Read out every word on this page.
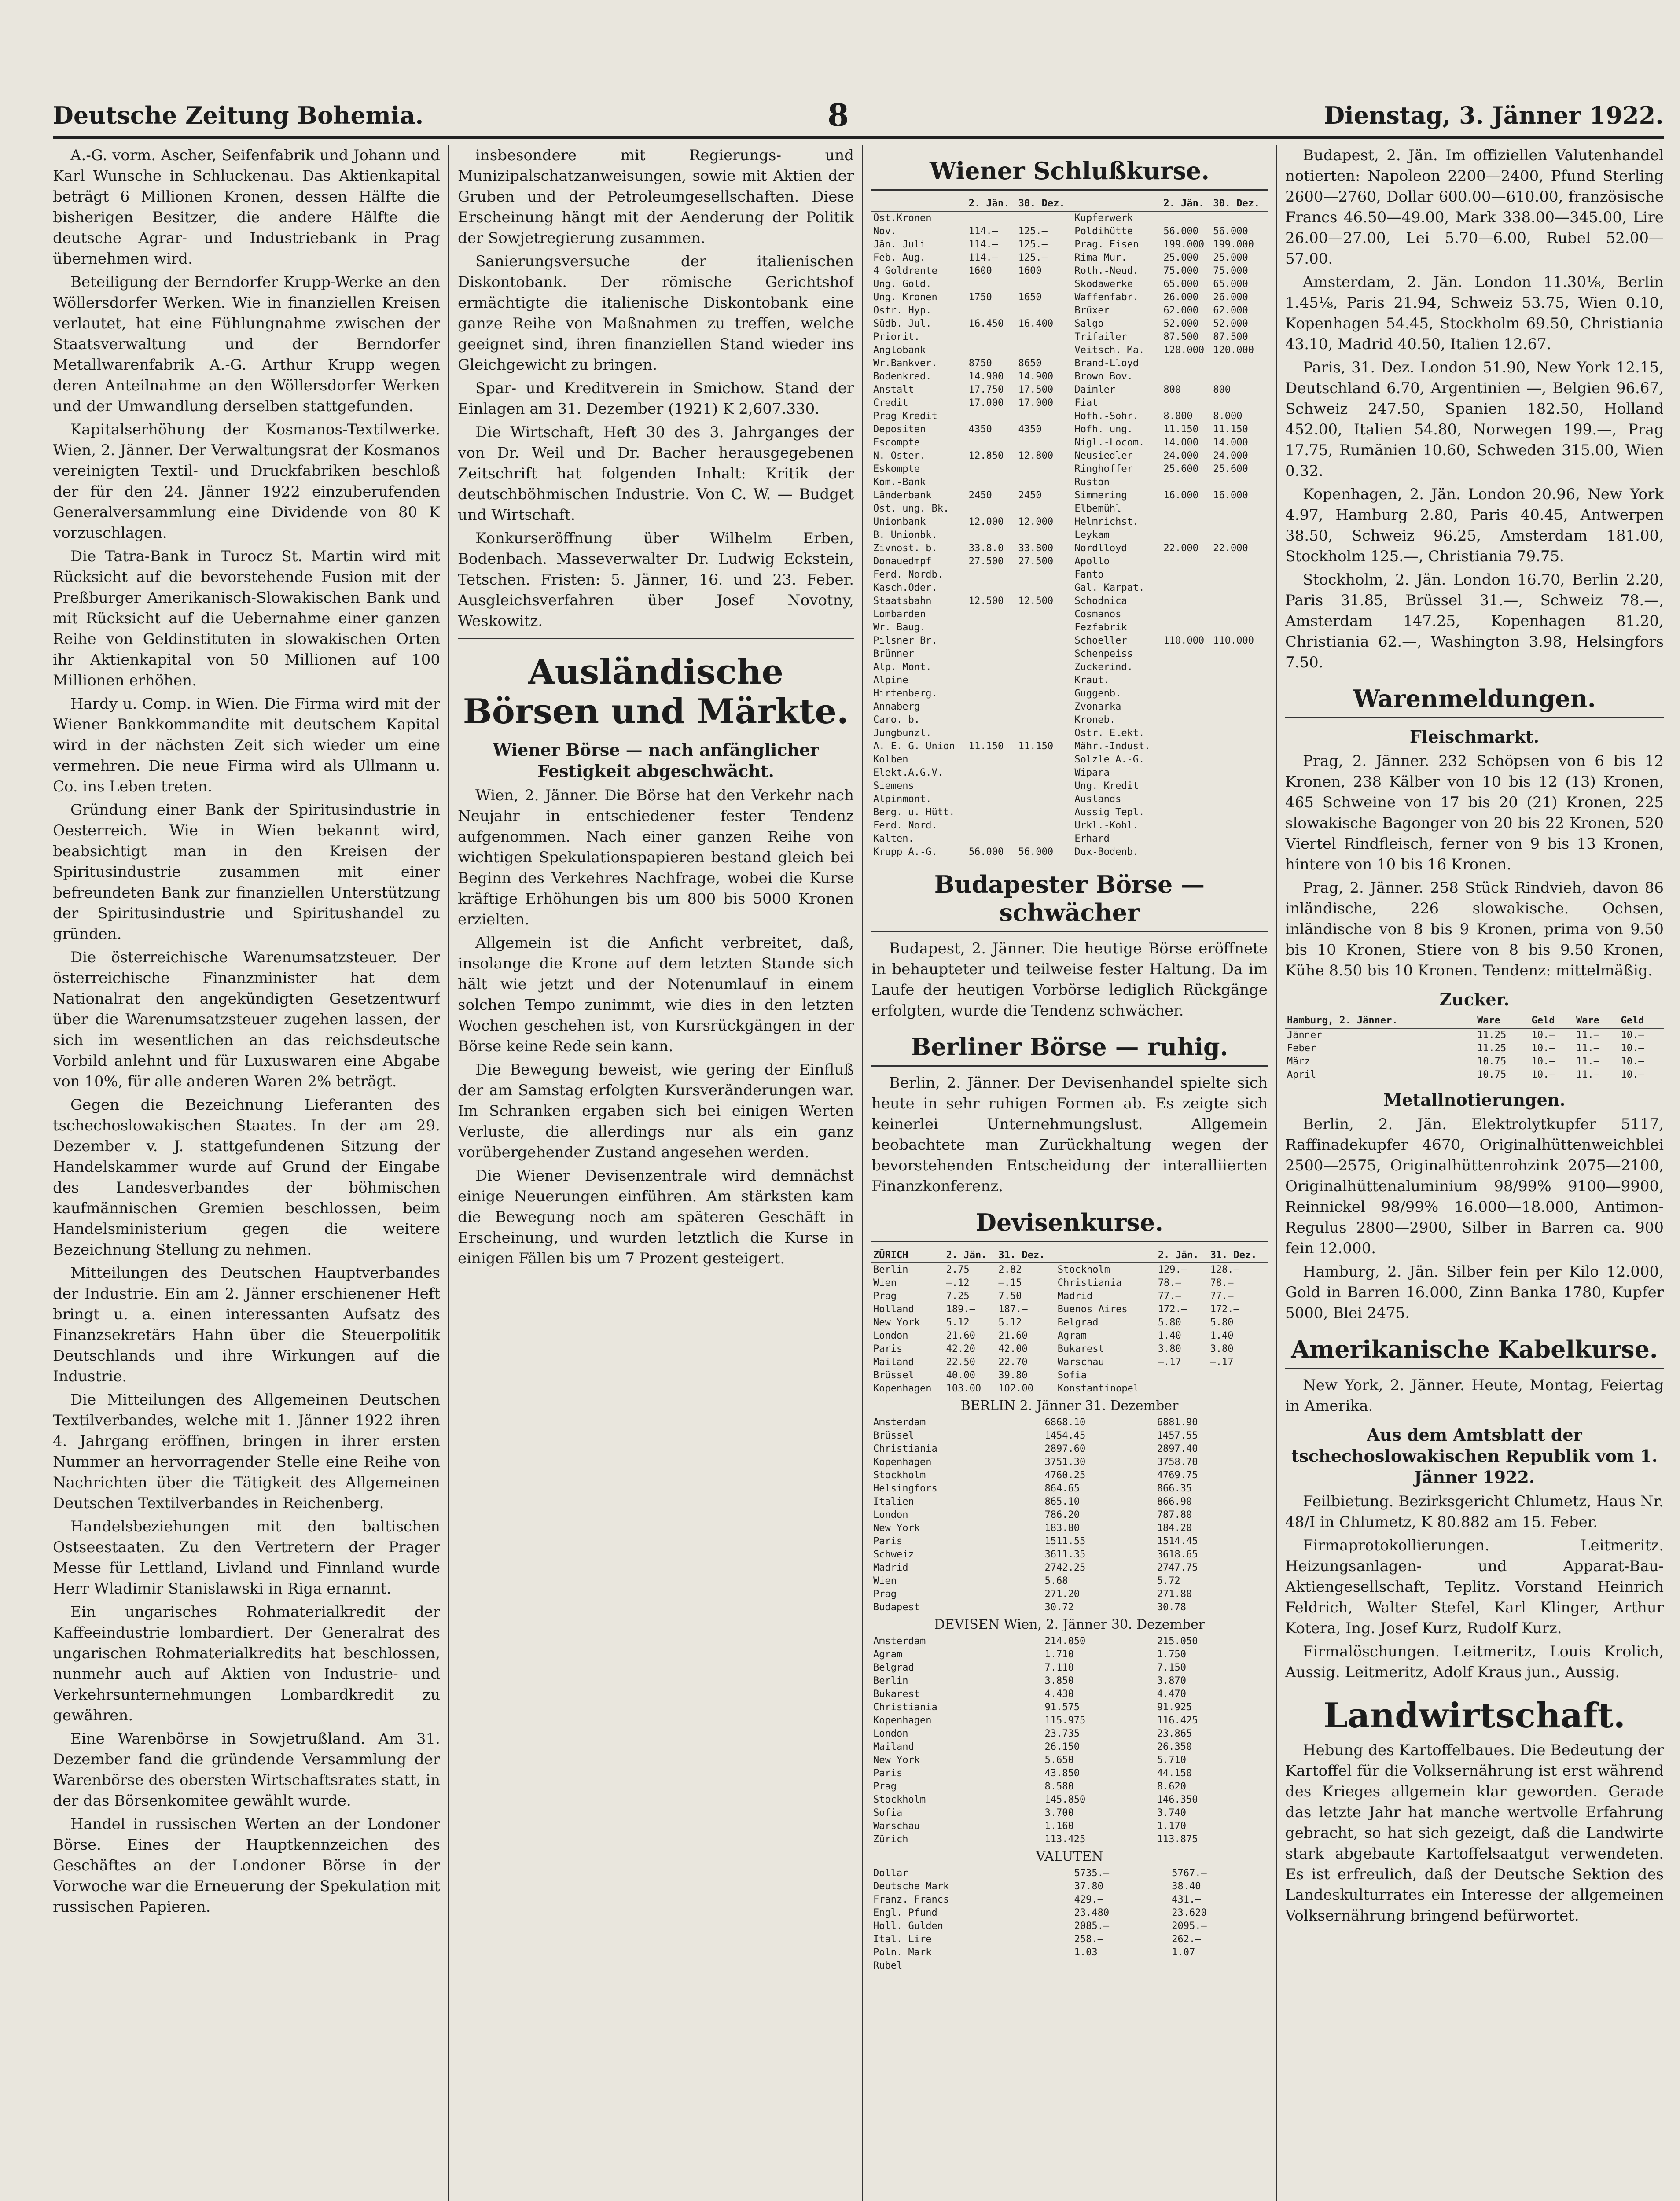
Deutsche Zeitung Bohemia.	8	Dienstag, 3. Jänner 1922.

A.-G. vorm. Ascher, Seifenfabrik und Johann und Karl Wunsche in Schluckenau. Das Aktienkapital beträgt 6 Millionen Kronen, dessen Hälfte die bisherigen Besitzer, die andere Hälfte die deutsche Agrar- und Industriebank in Prag übernehmen wird.

Beteiligung der Berndorfer Krupp-Werke an den Wöllersdorfer Werken. Wie in finanziellen Kreisen verlautet, hat eine Fühlungnahme zwischen der Staatsverwaltung und der Berndorfer Metallwarenfabrik A.-G. Arthur Krupp wegen deren Anteilnahme an den Wöllersdorfer Werken und der Umwandlung derselben stattgefunden.

Kapitalserhöhung der Kosmanos-Textilwerke. Wien, 2. Jänner. Der Verwaltungsrat der Kosmanos vereinigten Textil- und Druckfabriken beschloß der für den 24. Jänner 1922 einzuberufenden Generalversammlung eine Dividende von 80 K vorzuschlagen.

Die Tatra-Bank in Turocz St. Martin wird mit Rücksicht auf die bevorstehende Fusion mit der Preßburger Amerikanisch-Slowakischen Bank und mit Rücksicht auf die Uebernahme einer ganzen Reihe von Geldinstituten in slowakischen Orten ihr Aktienkapital von 50 Millionen auf 100 Millionen erhöhen.

Hardy u. Comp. in Wien. Die Firma wird mit der Wiener Bankkommandite mit deutschem Kapital wird in der nächsten Zeit sich wieder um eine vermehren. Die neue Firma wird als Ullmann u. Co. ins Leben treten.

Gründung einer Bank der Spiritusindustrie in Oesterreich. Wie in Wien bekannt wird, beabsichtigt man in den Kreisen der Spiritusindustrie zusammen mit einer befreundeten Bank zur finanziellen Unterstützung der Spiritusindustrie und Spiritushandel zu gründen.

Die österreichische Warenumsatzsteuer. Der österreichische Finanzminister hat dem Nationalrat den angekündigten Gesetzentwurf über die Warenumsatzsteuer zugehen lassen, der sich im wesentlichen an das reichsdeutsche Vorbild anlehnt und für Luxuswaren eine Abgabe von 10%, für alle anderen Waren 2% beträgt.

Gegen die Bezeichnung Lieferanten des tschechoslowakischen Staates. In der am 29. Dezember v. J. stattgefundenen Sitzung der Handelskammer wurde auf Grund der Eingabe des Landesverbandes der böhmischen kaufmännischen Gremien beschlossen, beim Handelsministerium gegen die weitere Bezeichnung Stellung zu nehmen.

Mitteilungen des Deutschen Hauptverbandes der Industrie. Ein am 2. Jänner erschienener Heft bringt u. a. einen interessanten Aufsatz des Finanzsekretärs Hahn über die Steuerpolitik Deutschlands und ihre Wirkungen auf die Industrie.

Die Mitteilungen des Allgemeinen Deutschen Textilverbandes, welche mit 1. Jänner 1922 ihren 4. Jahrgang eröffnen, bringen in ihrer ersten Nummer an hervorragender Stelle eine Reihe von Nachrichten über die Tätigkeit des Allgemeinen Deutschen Textilverbandes in Reichenberg.

Handelsbeziehungen mit den baltischen Ostseestaaten. Zu den Vertretern der Prager Messe für Lettland, Livland und Finnland wurde Herr Wladimir Stanislawski in Riga ernannt.

Ein ungarisches Rohmaterialkredit der Kaffeeindustrie lombardiert. Der Generalrat des ungarischen Rohmaterialkredits hat beschlossen, nunmehr auch auf Aktien von Industrie- und Verkehrsunternehmungen Lombardkredit zu gewähren.

Eine Warenbörse in Sowjetrußland. Am 31. Dezember fand die gründende Versammlung der Warenbörse des obersten Wirtschaftsrates statt, in der das Börsenkomitee gewählt wurde.

Handel in russischen Werten an der Londoner Börse. Eines der Hauptkennzeichen des Geschäftes an der Londoner Börse in der Vorwoche war die Erneuerung der Spekulation mit russischen Papieren.

insbesondere mit Regierungs- und Munizipalschatzanweisungen, sowie mit Aktien der Gruben und der Petroleumgesellschaften. Diese Erscheinung hängt mit der Aenderung der Politik der Sowjetregierung zusammen.

Sanierungsversuche der italienischen Diskontobank. Der römische Gerichtshof ermächtigte die italienische Diskontobank eine ganze Reihe von Maßnahmen zu treffen, welche geeignet sind, ihren finanziellen Stand wieder ins Gleichgewicht zu bringen.

Spar- und Kreditverein in Smichow. Stand der Einlagen am 31. Dezember (1921) K 2,607.330.

Die Wirtschaft, Heft 30 des 3. Jahrganges der von Dr. Weil und Dr. Bacher herausgegebenen Zeitschrift hat folgenden Inhalt: Kritik der deutschböhmischen Industrie. Von C. W. — Budget und Wirtschaft.

Konkurseröffnung über Wilhelm Erben, Bodenbach. Masseverwalter Dr. Ludwig Eckstein, Tetschen. Fristen: 5. Jänner, 16. und 23. Feber. Ausgleichsverfahren über Josef Novotny, Weskowitz.

Ausländische Börsen und Märkte.
Wiener Börse — nach anfänglicher Festigkeit abgeschwächt.

Wien, 2. Jänner. Die Börse hat den Verkehr nach Neujahr in entschiedener fester Tendenz aufgenommen. Nach einer ganzen Reihe von wichtigen Spekulationspapieren bestand gleich bei Beginn des Verkehres Nachfrage, wobei die Kurse kräftige Erhöhungen bis um 800 bis 5000 Kronen erzielten.

Allgemein ist die Anficht verbreitet, daß, insolange die Krone auf dem letzten Stande sich hält wie jetzt und der Notenumlauf in einem solchen Tempo zunimmt, wie dies in den letzten Wochen geschehen ist, von Kursrückgängen in der Börse keine Rede sein kann.

Die Bewegung beweist, wie gering der Einfluß der am Samstag erfolgten Kursveränderungen war. Im Schranken ergaben sich bei einigen Werten Verluste, die allerdings nur als ein ganz vorübergehender Zustand angesehen werden.

Die Wiener Devisenzentrale wird demnächst einige Neuerungen einführen. Am stärksten kam die Bewegung noch am späteren Geschäft in Erscheinung, und wurden letztlich die Kurse in einigen Fällen bis um 7 Prozent gesteigert.

Wiener Schlußkurse.
	2. Jän.	30. Dez.		2. Jän.	30. Dez.
Ost.Kronen			Kupferwerk		
Nov.	114.—	125.—	Poldihütte	56.000	56.000
Jän. Juli	114.—	125.—	Prag. Eisen	199.000	199.000
Feb.-Aug.	114.—	125.—	Rima-Mur.	25.000	25.000
4 Goldrente	1600	1600	Roth.-Neud.	75.000	75.000
Ung. Gold.			Skodawerke	65.000	65.000
Ung. Kronen	1750	1650	Waffenfabr.	26.000	26.000
Ostr. Hyp.			Brüxer	62.000	62.000
Südb. Jul.	16.450	16.400	Salgo	52.000	52.000
Priorit.			Trifailer	87.500	87.500
Anglobank			Veitsch. Ma.	120.000	120.000
Wr.Bankver.	8750	8650	Brand-Lloyd		
Bodenkred.	14.900	14.900	Brown Bov.		
Anstalt	17.750	17.500	Daimler	800	800
Credit	17.000	17.000	Fiat		
Prag Kredit			Hofh.-Sohr.	8.000	8.000
Depositen	4350	4350	Hofh. ung.	11.150	11.150
Escompte			Nigl.-Locom.	14.000	14.000
N.-Oster.	12.850	12.800	Neusiedler	24.000	24.000
Eskompte			Ringhoffer	25.600	25.600
Kom.-Bank			Ruston		
Länderbank	2450	2450	Simmering	16.000	16.000
Ost. ung. Bk.			Elbemühl		
Unionbank	12.000	12.000	Helmrichst.		
B. Unionbk.			Leykam		
Zivnost. b.	33.8.0	33.800	Nordlloyd	22.000	22.000
Donauedmpf	27.500	27.500	Apollo		
Ferd. Nordb.			Fanto		
Kasch.Oder.			Gal. Karpat.		
Staatsbahn	12.500	12.500	Schodnica		
Lombarden			Cosmanos		
Wr. Baug.			Fezfabrik		
Pilsner Br.			Schoeller	110.000	110.000
Brünner			Schenpeiss		
Alp. Mont.			Zuckerind.		
Alpine			Kraut.		
Hirtenberg.			Guggenb.		
Annaberg			Zvonarka		
Caro. b.			Kroneb.		
Jungbunzl.			Ostr. Elekt.		
A. E. G. Union	11.150	11.150	Mähr.-Indust.		
Kolben			Solzle A.-G.		
Elekt.A.G.V.			Wipara		
Siemens			Ung. Kredit		
Alpinmont.			Auslands		
Berg. u. Hütt.			Aussig Tepl.		
Ferd. Nord.			Urkl.-Kohl.		
Kalten.			Erhard		
Krupp A.-G.	56.000	56.000	Dux-Bodenb.		
Budapester Börse — schwächer

Budapest, 2. Jänner. Die heutige Börse eröffnete in behaupteter und teilweise fester Haltung. Da im Laufe der heutigen Vorbörse lediglich Rückgänge erfolgten, wurde die Tendenz schwächer.

Berliner Börse — ruhig.

Berlin, 2. Jänner. Der Devisenhandel spielte sich heute in sehr ruhigen Formen ab. Es zeigte sich keinerlei Unternehmungslust. Allgemein beobachtete man Zurückhaltung wegen der bevorstehenden Entscheidung der interalliierten Finanzkonferenz.

Devisenkurse.
ZÜRICH	2. Jän.	31. Dez.		2. Jän.	31. Dez.
Berlin	2.75	2.82	Stockholm	129.—	128.—
Wien	—.12	—.15	Christiania	78.—	78.—
Prag	7.25	7.50	Madrid	77.—	77.—
Holland	189.—	187.—	Buenos Aires	172.—	172.—
New York	5.12	5.12	Belgrad	5.80	5.80
London	21.60	21.60	Agram	1.40	1.40
Paris	42.20	42.00	Bukarest	3.80	3.80
Mailand	22.50	22.70	Warschau	—.17	—.17
Brüssel	40.00	39.80	Sofia		
Kopenhagen	103.00	102.00	Konstantinopel		
BERLIN 2. Jänner 31. Dezember
Amsterdam	6868.10	6881.90
Brüssel	1454.45	1457.55
Christiania	2897.60	2897.40
Kopenhagen	3751.30	3758.70
Stockholm	4760.25	4769.75
Helsingfors	864.65	866.35
Italien	865.10	866.90
London	786.20	787.80
New York	183.80	184.20
Paris	1511.55	1514.45
Schweiz	3611.35	3618.65
Madrid	2742.25	2747.75
Wien	5.68	5.72
Prag	271.20	271.80
Budapest	30.72	30.78
DEVISEN Wien, 2. Jänner 30. Dezember
Amsterdam	214.050	215.050
Agram	1.710	1.750
Belgrad	7.110	7.150
Berlin	3.850	3.870
Bukarest	4.430	4.470
Christiania	91.575	91.925
Kopenhagen	115.975	116.425
London	23.735	23.865
Mailand	26.150	26.350
New York	5.650	5.710
Paris	43.850	44.150
Prag	8.580	8.620
Stockholm	145.850	146.350
Sofia	3.700	3.740
Warschau	1.160	1.170
Zürich	113.425	113.875
VALUTEN
Dollar	5735.—	5767.—
Deutsche Mark	37.80	38.40
Franz. Francs	429.—	431.—
Engl. Pfund	23.480	23.620
Holl. Gulden	2085.—	2095.—
Ital. Lire	258.—	262.—
Poln. Mark	1.03	1.07
Rubel		

Budapest, 2. Jän. Im offiziellen Valutenhandel notierten: Napoleon 2200—2400, Pfund Sterling 2600—2760, Dollar 600.00—610.00, französische Francs 46.50—49.00, Mark 338.00—345.00, Lire 26.00—27.00, Lei 5.70—6.00, Rubel 52.00—57.00.

Amsterdam, 2. Jän. London 11.30⅛, Berlin 1.45⅛, Paris 21.94, Schweiz 53.75, Wien 0.10, Kopenhagen 54.45, Stockholm 69.50, Christiania 43.10, Madrid 40.50, Italien 12.67.

Paris, 31. Dez. London 51.90, New York 12.15, Deutschland 6.70, Argentinien —, Belgien 96.67, Schweiz 247.50, Spanien 182.50, Holland 452.00, Italien 54.80, Norwegen 199.—, Prag 17.75, Rumänien 10.60, Schweden 315.00, Wien 0.32.

Kopenhagen, 2. Jän. London 20.96, New York 4.97, Hamburg 2.80, Paris 40.45, Antwerpen 38.50, Schweiz 96.25, Amsterdam 181.00, Stockholm 125.—, Christiania 79.75.

Stockholm, 2. Jän. London 16.70, Berlin 2.20, Paris 31.85, Brüssel 31.—, Schweiz 78.—, Amsterdam 147.25, Kopenhagen 81.20, Christiania 62.—, Washington 3.98, Helsingfors 7.50.

Warenmeldungen.
Fleischmarkt.

Prag, 2. Jänner. 232 Schöpsen von 6 bis 12 Kronen, 238 Kälber von 10 bis 12 (13) Kronen, 465 Schweine von 17 bis 20 (21) Kronen, 225 slowakische Bagonger von 20 bis 22 Kronen, 520 Viertel Rindfleisch, ferner von 9 bis 13 Kronen, hintere von 10 bis 16 Kronen.

Prag, 2. Jänner. 258 Stück Rindvieh, davon 86 inländische, 226 slowakische. Ochsen, inländische von 8 bis 9 Kronen, prima von 9.50 bis 10 Kronen, Stiere von 8 bis 9.50 Kronen, Kühe 8.50 bis 10 Kronen. Tendenz: mittelmäßig.

Zucker.
Hamburg, 2. Jänner.	Ware	Geld	Ware	Geld
Jänner	11.25	10.—	11.—	10.—
Feber	11.25	10.—	11.—	10.—
März	10.75	10.—	11.—	10.—
April	10.75	10.—	11.—	10.—
Metallnotierungen.

Berlin, 2. Jän. Elektrolytkupfer 5117, Raffinadekupfer 4670, Originalhüttenweichblei 2500—2575, Originalhüttenrohzink 2075—2100, Originalhüttenaluminium 98/99% 9100—9900, Reinnickel 98/99% 16.000—18.000, Antimon-Regulus 2800—2900, Silber in Barren ca. 900 fein 12.000.

Hamburg, 2. Jän. Silber fein per Kilo 12.000, Gold in Barren 16.000, Zinn Banka 1780, Kupfer 5000, Blei 2475.

Amerikanische Kabelkurse.

New York, 2. Jänner. Heute, Montag, Feiertag in Amerika.

Aus dem Amtsblatt der tschechoslowakischen Republik vom 1. Jänner 1922.

Feilbietung. Bezirksgericht Chlumetz, Haus Nr. 48/I in Chlumetz, K 80.882 am 15. Feber.

Firmaprotokollierungen. Leitmeritz. Heizungsanlagen- und Apparat-Bau-Aktiengesellschaft, Teplitz. Vorstand Heinrich Feldrich, Walter Stefel, Karl Klinger, Arthur Kotera, Ing. Josef Kurz, Rudolf Kurz.

Firmalöschungen. Leitmeritz, Louis Krolich, Aussig. Leitmeritz, Adolf Kraus jun., Aussig.

Landwirtschaft.

Hebung des Kartoffelbaues. Die Bedeutung der Kartoffel für die Volksernährung ist erst während des Krieges allgemein klar geworden. Gerade das letzte Jahr hat manche wertvolle Erfahrung gebracht, so hat sich gezeigt, daß die Landwirte stark abgebaute Kartoffelsaatgut verwendeten. Es ist erfreulich, daß der Deutsche Sektion des Landeskulturrates ein Interesse der allgemeinen Volksernährung bringend befürwortet.
